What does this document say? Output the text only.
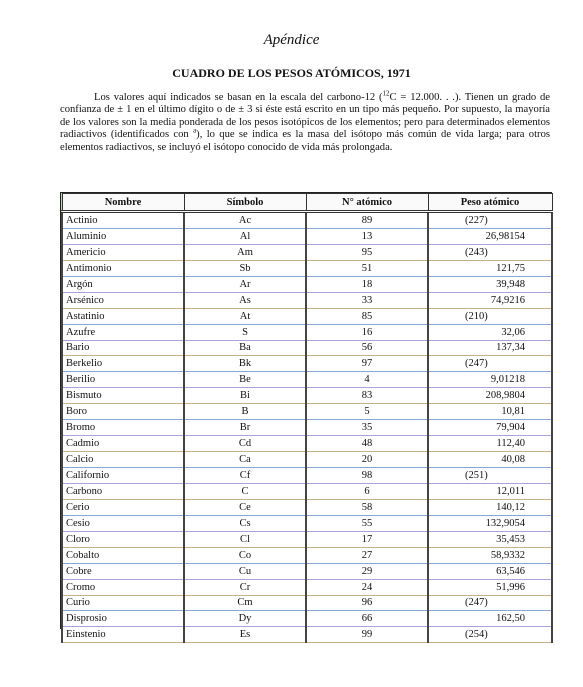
Apéndice
CUADRO DE LOS PESOS ATÓMICOS, 1971

Los valores aquí indicados se basan en la escala del carbono-12 ($^{12}$C = 12.000. . .). Tienen un grado de confianza de ± 1 en el último dígito o de ± 3 si éste está escrito en un tipo más pequeño. Por supuesto, la mayoría de los valores son la media ponderada de los pesos isotópicos de los elementos; pero para determinados elementos radiactivos (identificados con $^a$), lo que se indica es la masa del isótopo más común de vida larga; para otros elementos radiactivos, se incluyó el isótopo conocido de vida más prolongada.

Nombre	Símbolo	N° atómico	Peso atómico
Actinio	Ac	89	(227)
Aluminio	Al	13	26,98154
Americio	Am	95	(243)
Antimonio	Sb	51	121,75
Argón	Ar	18	39,948
Arsénico	As	33	74,9216
Astatinio	At	85	(210)
Azufre	S	16	32,06
Bario	Ba	56	137,34
Berkelio	Bk	97	(247)
Berilio	Be	4	9,01218
Bismuto	Bi	83	208,9804
Boro	B	5	10,81
Bromo	Br	35	79,904
Cadmio	Cd	48	112,40
Calcio	Ca	20	40,08
Californio	Cf	98	(251)
Carbono	C	6	12,011
Cerio	Ce	58	140,12
Cesio	Cs	55	132,9054
Cloro	Cl	17	35,453
Cobalto	Co	27	58,9332
Cobre	Cu	29	63,546
Cromo	Cr	24	51,996
Curio	Cm	96	(247)
Disprosio	Dy	66	162,50
Einstenio	Es	99	(254)
